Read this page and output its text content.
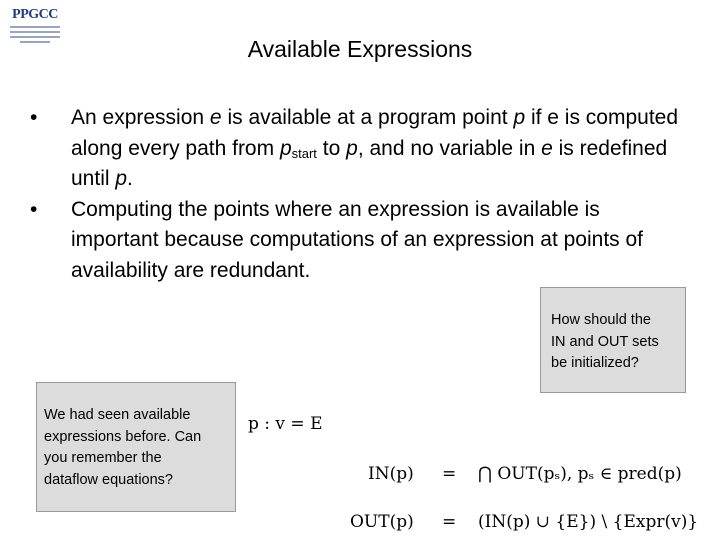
PPGCC
Available Expressions
• An expression e is available at a program point p if e is computed along every path from $p_{start}$ to p, and no variable in e is redefined until p.
• Computing the points where an expression is available is important because computations of an expression at points of availability are redundant.
How should the
IN and OUT sets
be initialized?
We had seen available
expressions before. Can
you remember the
dataflow equations?
p : v = E
IN(p) = ⋂ OUT(pₛ), pₛ ∈ pred(p)
OUT(p) = (IN(p) ∪ {E}) \ {Expr(v)}
